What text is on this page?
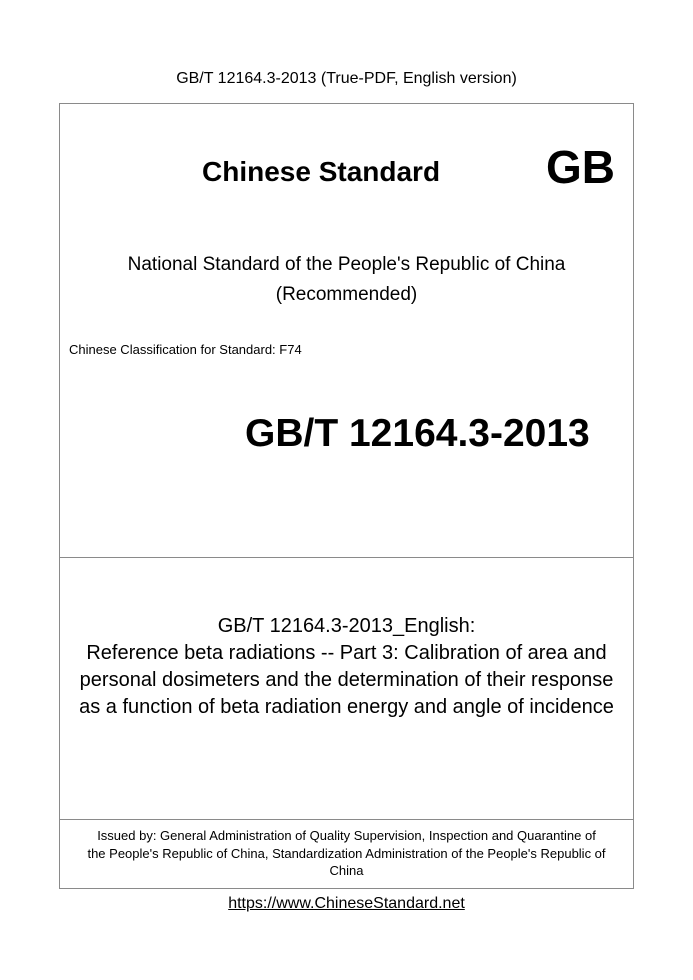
GB/T 12164.3-2013 (True-PDF, English version)
Chinese Standard GB
National Standard of the People's Republic of China
(Recommended)
Chinese Classification for Standard: F74
GB/T 12164.3-2013
GB/T 12164.3-2013_English:
Reference beta radiations -- Part 3: Calibration of area and
personal dosimeters and the determination of their response
as a function of beta radiation energy and angle of incidence
Issued by: General Administration of Quality Supervision, Inspection and Quarantine of
the People's Republic of China, Standardization Administration of the People's Republic of
China
https://www.ChineseStandard.net
